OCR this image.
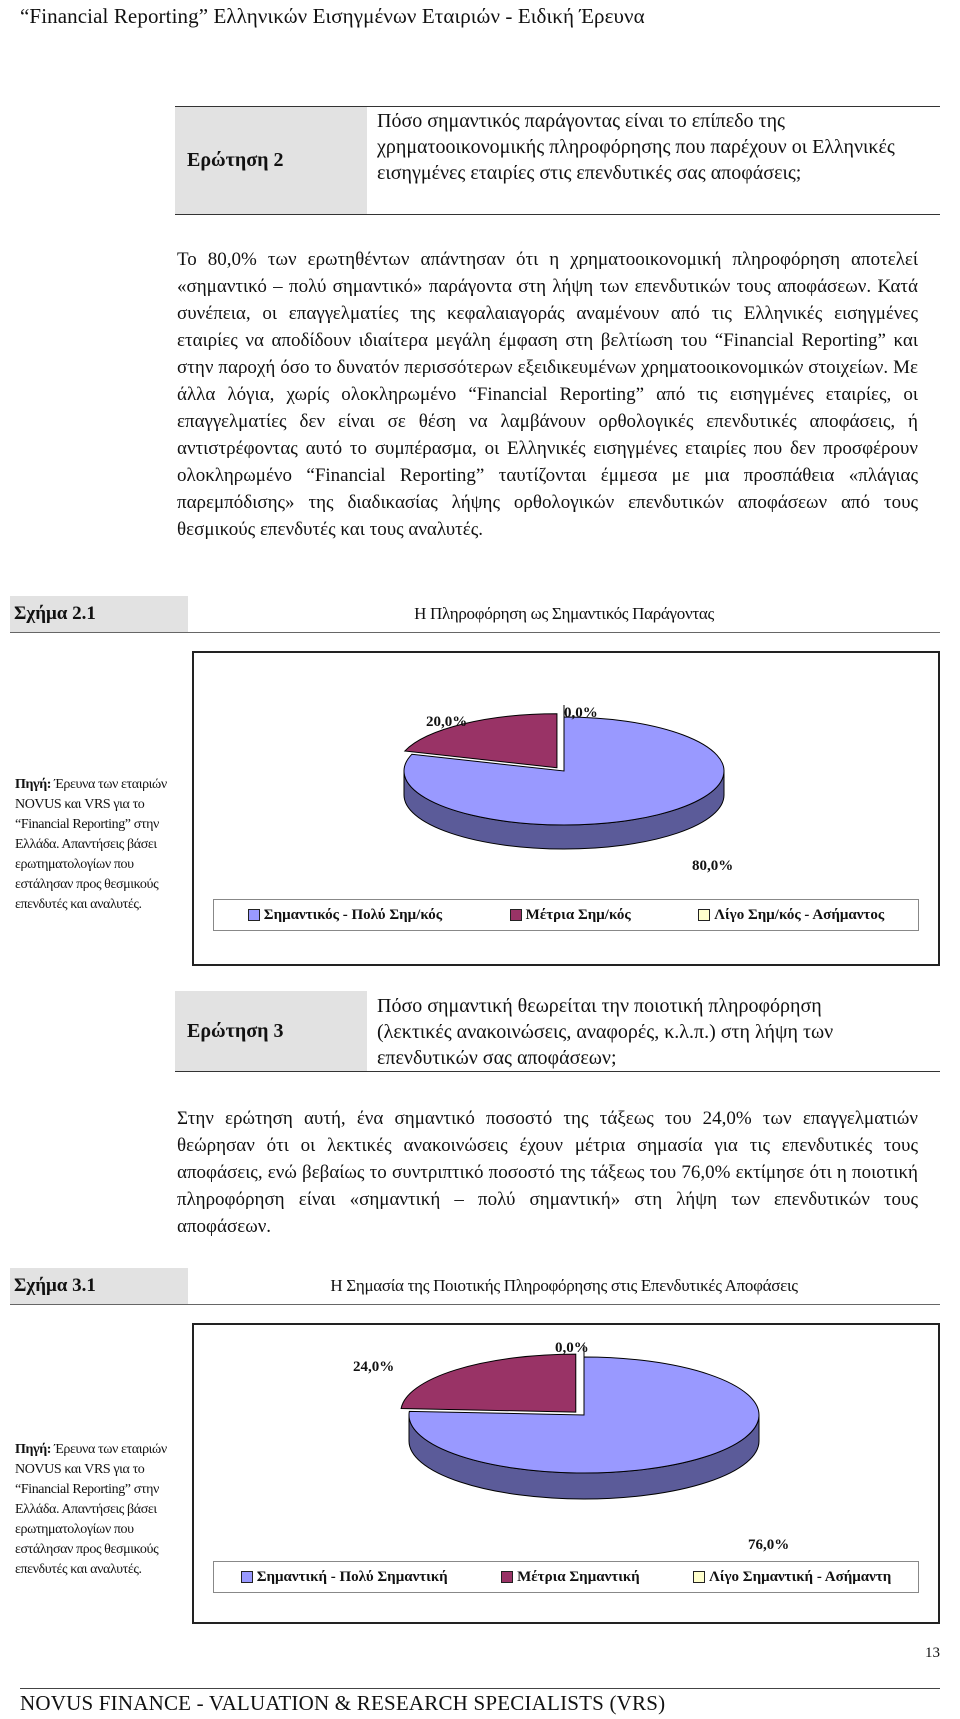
“Financial Reporting” Ελληνικών Εισηγμένων Εταιριών - Ειδική Έρευνα
Ερώτηση 2
Πόσο σημαντικός παράγοντας είναι το επίπεδο της χρηματοοικονομικής πληροφόρησης που παρέχουν οι Ελληνικές εισηγμένες εταιρίες στις επενδυτικές σας αποφάσεις;
Το 80,0% των ερωτηθέντων απάντησαν ότι η χρηματοοικονομική πληροφόρηση αποτελεί «σημαντικό – πολύ σημαντικό» παράγοντα στη λήψη των επενδυτικών τους αποφάσεων. Κατά συνέπεια, οι επαγγελματίες της κεφαλαιαγοράς αναμένουν από τις Ελληνικές εισηγμένες εταιρίες να αποδίδουν ιδιαίτερα μεγάλη έμφαση στη βελτίωση του “Financial Reporting” και στην παροχή όσο το δυνατόν περισσότερων εξειδικευμένων χρηματοοικονομικών στοιχείων. Με άλλα λόγια, χωρίς ολοκληρωμένο “Financial Reporting” από τις εισηγμένες εταιρίες, οι επαγγελματίες δεν είναι σε θέση να λαμβάνουν ορθολογικές επενδυτικές αποφάσεις, ή αντιστρέφοντας αυτό το συμπέρασμα, οι Ελληνικές εισηγμένες εταιρίες που δεν προσφέρουν ολοκληρωμένο “Financial Reporting” ταυτίζονται έμμεσα με μια προσπάθεια «πλάγιας παρεμπόδισης» της διαδικασίας λήψης ορθολογικών επενδυτικών αποφάσεων από τους θεσμικούς επενδυτές και τους αναλυτές.
Σχήμα 2.1	Η Πληροφόρηση ως Σημαντικός Παράγοντας
Πηγή: Έρευνα των εταιριών NOVUS και VRS για το “Financial Reporting” στην Ελλάδα. Απαντήσεις βάσει ερωτηματολογίων που εστάλησαν προς θεσμικούς επενδυτές και αναλυτές.
20,0%
0,0%
80,0%
Σημαντικός - Πολύ Σημ/κός	Μέτρια Σημ/κός	Λίγο Σημ/κός - Ασήμαντος
Ερώτηση 3
Πόσο σημαντική θεωρείται την ποιοτική πληροφόρηση (λεκτικές ανακοινώσεις, αναφορές, κ.λ.π.) στη λήψη των επενδυτικών σας αποφάσεων;
Στην ερώτηση αυτή, ένα σημαντικό ποσοστό της τάξεως του 24,0% των επαγγελματιών θεώρησαν ότι οι λεκτικές ανακοινώσεις έχουν μέτρια σημασία για τις επενδυτικές τους αποφάσεις, ενώ βεβαίως το συντριπτικό ποσοστό της τάξεως του 76,0% εκτίμησε ότι η ποιοτική πληροφόρηση είναι «σημαντική – πολύ σημαντική» στη λήψη των επενδυτικών τους αποφάσεων.
Σχήμα 3.1	Η Σημασία της Ποιοτικής Πληροφόρησης στις Επενδυτικές Αποφάσεις
Πηγή: Έρευνα των εταιριών NOVUS και VRS για το “Financial Reporting” στην Ελλάδα. Απαντήσεις βάσει ερωτηματολογίων που εστάλησαν προς θεσμικούς επενδυτές και αναλυτές.
24,0%
0,0%
76,0%
Σημαντική - Πολύ Σημαντική	Μέτρια Σημαντική	Λίγο Σημαντική - Ασήμαντη
13
NOVUS FINANCE - VALUATION & RESEARCH SPECIALISTS (VRS)
